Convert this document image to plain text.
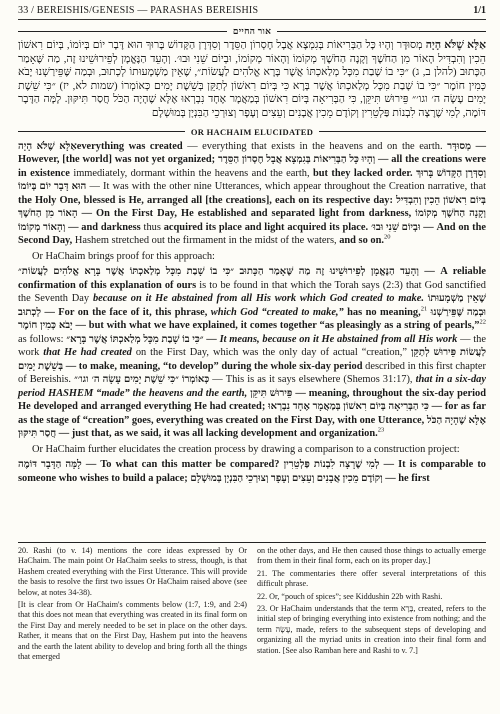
33 / BEREISHIS/GENESIS — PARASHAS BEREISHIS	1/1
אור החיים
אַלָּא שֶׁלֹּא הָיָה מְסוּדָּר וְהָיוּ כָּל הַבְּרִיאוֹת בְּגִמְצָא אֲבָל חֶסְרוֹן הַסֵּדֶר וְסִדְּרָן הַקָּדוֹשׁ בָּרוּךְ הוּא דָּבָר יוֹם בְּיוֹמוֹ, בְּיוֹם רִאשׁוֹן הֵכִין וְהִבְדִּיל הָאוֹר מִן הַחֹשֶׁךְ וְקָנָה הַחֹשֶׁךְ מְקוֹמוֹ וְהָאוֹר מְקוֹמוֹ, וּבְיוֹם שֵׁנִי וּבוּ׳. וְהָעֵד הַנֶּאֱמָן לְפֵירוּשֵׁינוּ זֶה, מַה שֶּׁאָמַר הַכָּתוּב (להלן ב, ג) ״כִּי בוֹ שָׁבַת מִכָּל מְלַאכְתּוֹ אֲשֶׁר בָּרָא אֱלֹהִים לַעֲשׂוֹת״, שֶׁאֵין מַשְׁמָעוּתוֹ לְכְתוּב, וּבְמַה שֶּׁפֵּירַשְׁנוּ יָבֹא כְּמִין חוֹמֶר ״כִּי בוֹ שָׁבַת מִכָּל מְלַאכְתּוֹ אֲשֶׁר בָּרָא כִּי בְּיוֹם רִאשׁוֹן לְתַקֵּן בְּשֵׁשֶׁת יָמִים כְּאוֹמְרוֹ (שמות לא, יז) ״כִּי שֵׁשֶׁת יָמִים עָשָׂה ה׳ וגו׳״ פֵּירוּשׁ תִּיקֵּן, כִּי הַבְּרִיאָה בְּיוֹם רִאשׁוֹן בְּמַאֲמָר אֶחָד נִבְרְאוּ אֶלָּא שֶׁהָיָה הַכֹּל חֲסַר תִּיקּוּן. לָמָּה הַדָּבָר דּוֹמֶה, לְמִי שֶׁרָצָה לִבְנוֹת פַּלְטֵרִין וְקוֹדֶם מֵכִין אֲבָנִים וְעֵצִים וְעָפָר וְצוּרְכֵי הַבִּנְיָן בְּמוּשְׁלָם
OR HACHAIM ELUCIDATED

אַלָּא שֶׁלֹּא הָיָהeverything was created — everything that exists in the heavens and on the earth. מְסוּדָּר — However, [the world] was not yet organized; וְהָיוּ כָּל הַבְּרִיאוֹת בְּגִמְצָא אֲבָל חֶסְרוֹן הַסֵּדֶר — all the creations were in existence immediately, dormant within the heavens and the earth, but they lacked order. וְסִדְּרָן הַקָּדוֹשׁ בָּרוּךְ הוּא דָּבָר יוֹם בְּיוֹמוֹ — It was with the other nine Utterances, which appear throughout the Creation narrative, that the Holy One, blessed is He, arranged all [the creations], each on its respective day: בְּיוֹם רִאשׁוֹן הֵכִין וְהִבְדִּיל הָאוֹר מִן הַחֹשֶׁךְ — On the First Day, He established and separated light from darkness, וְקָנָה הַחֹשֶׁךְ מְקוֹמוֹ וְהָאוֹר מְקוֹמוֹ — and darkness thus acquired its place and light acquired its place. וּבְיוֹם שֵׁנִי וּבוּ׳ — And on the Second Day, Hashem stretched out the firmament in the midst of the waters, and so on.$^{20}$

Or HaChaim brings proof for this approach:

וְהָעֵד הַנֶּאֱמָן לְפֵירוּשֵׁינוּ זֶה מַה שֶּׁאָמַר הַכָּתוּב ״כִּי בוֹ שָׁבַת מִכָּל מְלַאכְתּוֹ אֲשֶׁר בָּרָא אֱלֹהִים לַעֲשׂוֹת״ — A reliable confirmation of this explanation of ours is to be found in that which the Torah says (2:3) that God sanctified the Seventh Day because on it He abstained from all His work which God created to make. שֶׁאֵין מַשְׁמָעוּתוֹ לְכְתוּב — For on the face of it, this phrase, which God “created to make,” has no meaning,$^{21}$ וּבְמַה שֶּׁפֵּירַשְׁנוּ יָבֹא כְּמִין חוֹמֶר — but with what we have explained, it comes together “as pleasingly as a string of pearls,”$^{22}$ as follows: ״כִּי בוֹ שָׁבַת מִכָּל מְלַאכְתּוֹ אֲשֶׁר בָּרָא״ — It means, because on it He abstained from all His work — the work that He had created on the First Day, which was the only day of actual “creation,” לַעֲשׂוֹת פֵּירוּשׁ לְתַקֵּן בְּשֵׁשֶׁת יָמִים — to make, meaning, “to develop” during the whole six-day period described in this first chapter of Bereishis. כְּאוֹמְרוֹ ״כִּי שֵׁשֶׁת יָמִים עָשָׂה ה׳ וגו׳״ — This is as it says elsewhere (Shemos 31:17), that in a six-day period HASHEM “made” the heavens and the earth, פֵּירוּשׁ תִּיקֵּן — meaning, throughout the six-day period He developed and arranged everything He had created; כִּי הַבְּרִיאָה בְּיוֹם רִאשׁוֹן בְּמַאֲמָר אֶחָד נִבְרְאוּ — for as far as the stage of “creation” goes, everything was created on the First Day, with one Utterance, אֶלָּא שֶׁהָיָה הַכֹּל חֲסַר תִּיקּוּן — just that, as we said, it was all lacking development and organization.$^{23}$

Or HaChaim further elucidates the creation process by drawing a comparison to a construction project:

לָמָּה הַדָּבָר דּוֹמֶה — To what can this matter be compared? לְמִי שֶׁרָצָה לִבְנוֹת פַּלְטֵרִין — It is comparable to someone who wishes to build a palace; וְקוֹדֶם מֵכִין אֲבָנִים וְעֵצִים וְעָפָר וְצוּרְכֵי הַבִּנְיָן בְּמוּשְׁלָם — he first

20. Rashi (to v. 14) mentions the core ideas expressed by Or HaChaim. The main point Or HaChaim seeks to stress, though, is that Hashem created everything with the First Utterance. This will provide the basis to resolve the first two issues Or HaChaim raised above (see below, at notes 34-38).

[It is clear from Or HaChaim's comments below (1:7, 1:9, and 2:4) that this does not mean that everything was created in its final form on the First Day and merely needed to be set in place on the other days. Rather, it means that on the First Day, Hashem put into the heavens and the earth the latent ability to develop and bring forth all the things that emerged

on the other days, and He then caused those things to actually emerge from them in their final form, each on its proper day.]

21. The commentaries there offer several interpretations of this difficult phrase.

22. Or, “pouch of spices”; see Kiddushin 22b with Rashi.

23. Or HaChaim understands that the term בָּרָא, created, refers to the initial step of bringing everything into existence from nothing; and the term עָשָׂה, made, refers to the subsequent steps of developing and organizing all the myriad units in creation into their final form and station. [See also Ramban here and Rashi to v. 7.]
